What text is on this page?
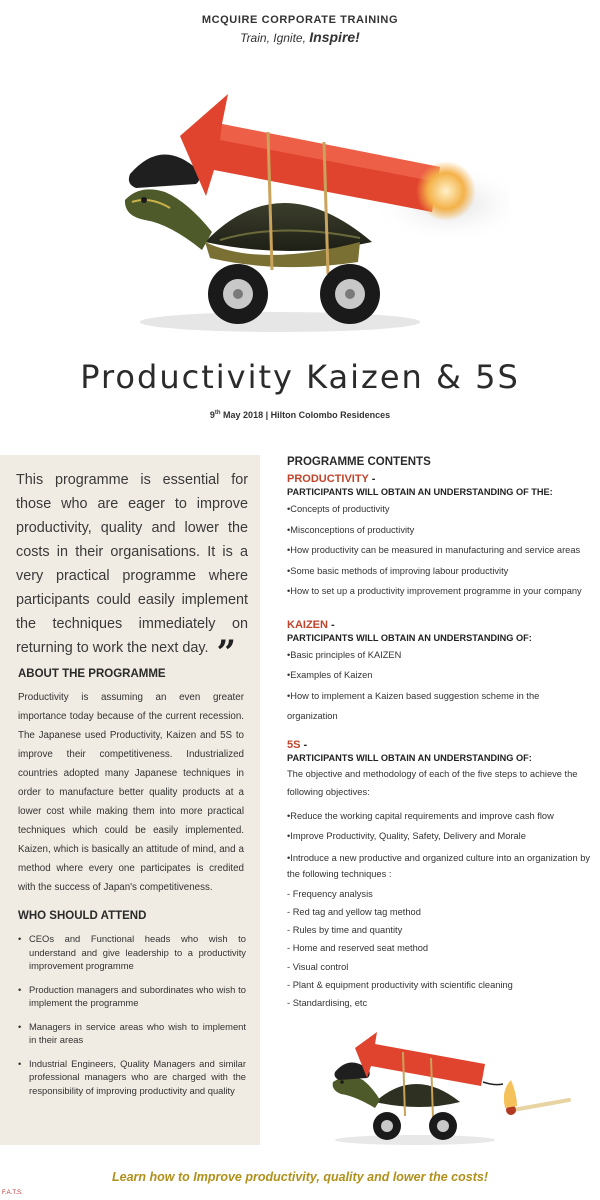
MCQUIRE CORPORATE TRAINING
Train, Ignite, Inspire!
Productivity Kaizen & 5S
9th May 2018 | Hilton Colombo Residences
This programme is essential for those who are eager to improve productivity, quality and lower the costs in their organisations. It is a very practical programme where participants could easily implement the techniques immediately on returning to work the next day. ”
ABOUT THE PROGRAMME
Productivity is assuming an even greater importance today because of the current recession. The Japanese used Productivity, Kaizen and 5S to improve their competitiveness. Industrialized countries adopted many Japanese techniques in order to manufacture better quality products at a lower cost while making them into more practical techniques which could be easily implemented. Kaizen, which is basically an attitude of mind, and a method where every one participates is credited with the success of Japan's competitiveness.
WHO SHOULD ATTEND
• CEOs and Functional heads who wish to understand and give leadership to a productivity improvement programme
• Production managers and subordinates who wish to implement the programme
• Managers in service areas who wish to implement in their areas
• Industrial Engineers, Quality Managers and similar professional managers who are charged with the responsibility of improving productivity and quality
PROGRAMME CONTENTS
PRODUCTIVITY -
PARTICIPANTS WILL OBTAIN AN UNDERSTANDING OF THE:
• Concepts of productivity
• Misconceptions of productivity
• How productivity can be measured in manufacturing and service areas
• Some basic methods of improving labour productivity
• How to set up a productivity improvement programme in your company
KAIZEN -
PARTICIPANTS WILL OBTAIN AN UNDERSTANDING OF:
• Basic principles of KAIZEN
• Examples of Kaizen
• How to implement a Kaizen based suggestion scheme in the organization
5S -
PARTICIPANTS WILL OBTAIN AN UNDERSTANDING OF:
The objective and methodology of each of the five steps to achieve the following objectives:
• Reduce the working capital requirements and improve cash flow
• Improve Productivity, Quality, Safety, Delivery and Morale
• Introduce a new productive and organized culture into an organization by the following techniques :
- Frequency analysis
- Red tag and yellow tag method
- Rules by time and quantity
- Home and reserved seat method
- Visual control
- Plant & equipment productivity with scientific cleaning
- Standardising, etc
Learn how to Improve productivity, quality and lower the costs!
F.A.T.S.
